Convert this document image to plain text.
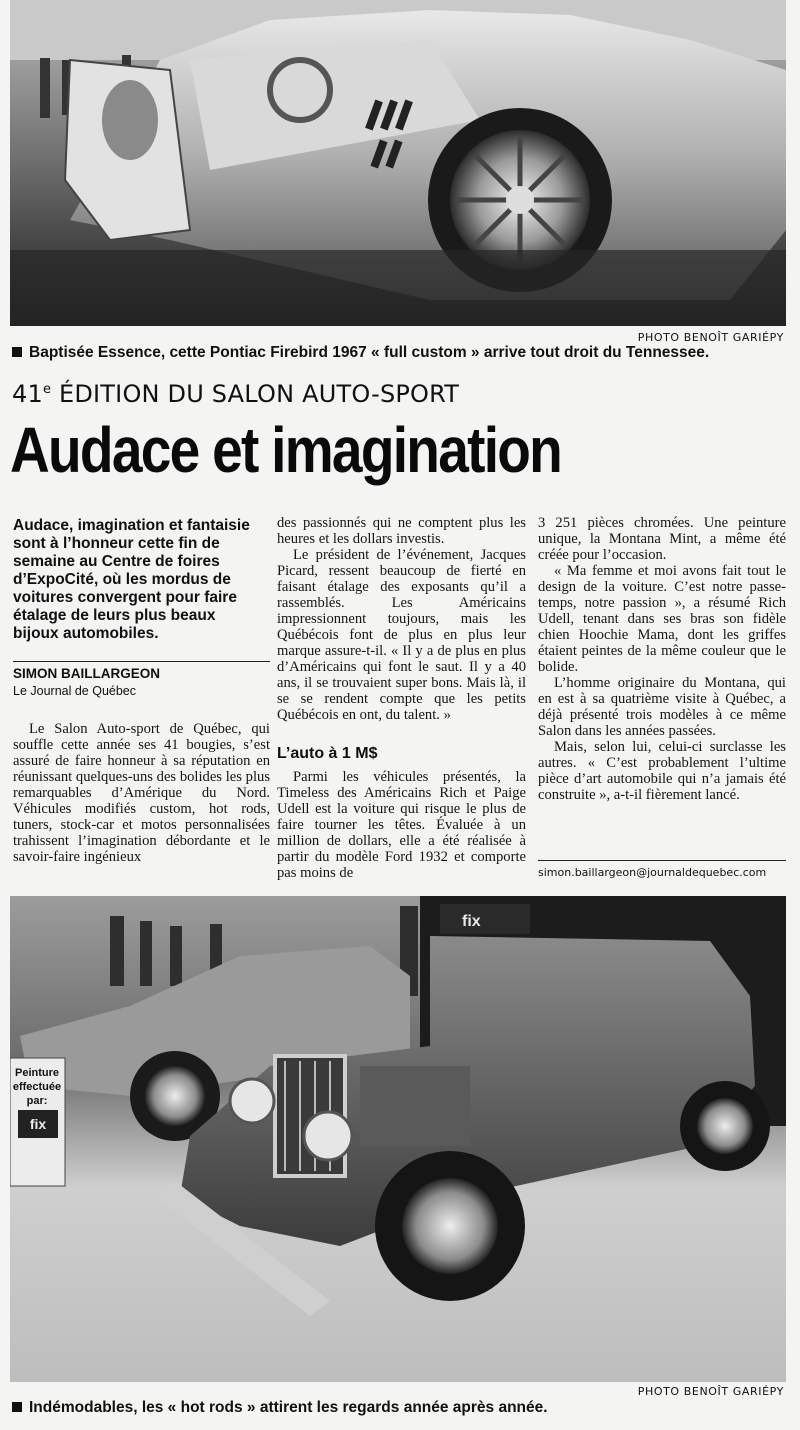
PHOTO BENOÎT GARIÉPY
Baptisée Essence, cette Pontiac Firebird 1967 « full custom » arrive tout droit du Tennessee.
41e ÉDITION DU SALON AUTO-SPORT
Audace et imagination
Audace, imagination et fantaisie sont à l’honneur cette fin de semaine au Centre de foires d’ExpoCité, où les mordus de voitures convergent pour faire étalage de leurs plus beaux bijoux automobiles.
SIMON BAILLARGEON
Le Journal de Québec

Le Salon Auto-sport de Québec, qui souffle cette année ses 41 bougies, s’est assuré de faire honneur à sa réputation en réunissant quelques-uns des bolides les plus remarquables d’Amérique du Nord. Véhicules modifiés custom, hot rods, tuners, stock-car et motos personnalisées trahissent l’imagination débordante et le savoir-faire ingénieux

des passionnés qui ne comptent plus les heures et les dollars investis.

Le président de l’événement, Jacques Picard, ressent beaucoup de fierté en faisant étalage des exposants qu’il a rassemblés. Les Américains impressionnent toujours, mais les Québécois font de plus en plus leur marque assure-t-il. « Il y a de plus en plus d’Américains qui font le saut. Il y a 40 ans, il se trouvaient super bons. Mais là, il se se rendent compte que les petits Québécois en ont, du talent. »

L’auto à 1 M$

Parmi les véhicules présentés, la Timeless des Américains Rich et Paige Udell est la voiture qui risque le plus de faire tourner les têtes. Évaluée à un million de dollars, elle a été réalisée à partir du modèle Ford 1932 et comporte pas moins de

3 251 pièces chromées. Une peinture unique, la Montana Mint, a même été créée pour l’occasion.

« Ma femme et moi avons fait tout le design de la voiture. C’est notre passe-temps, notre passion », a résumé Rich Udell, tenant dans ses bras son fidèle chien Hoochie Mama, dont les griffes étaient peintes de la même couleur que le bolide.

L’homme originaire du Montana, qui en est à sa quatrième visite à Québec, a déjà présenté trois modèles à ce même Salon dans les années passées.

Mais, selon lui, celui-ci surclasse les autres. « C’est probablement l’ultime pièce d’art automobile qui n’a jamais été construite », a-t-il fièrement lancé.

simon.baillargeon@journaldequebec.com
Peinture
effectuée
par:
fix
fix
PHOTO BENOÎT GARIÉPY
Indémodables, les « hot rods » attirent les regards année après année.
